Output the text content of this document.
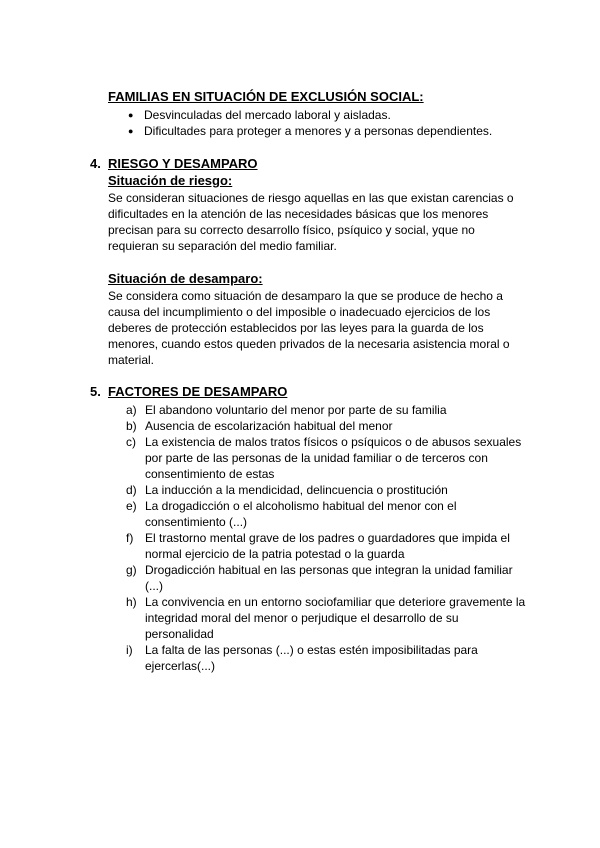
FAMILIAS EN SITUACIÓN DE EXCLUSIÓN SOCIAL:
● Desvinculadas del mercado laboral y aisladas.
● Dificultades para proteger a menores y a personas dependientes.
4. RIESGO Y DESAMPARO
Situación de riesgo:

Se consideran situaciones de riesgo aquellas en las que existan carencias o dificultades en la atención de las necesidades básicas que los menores precisan para su correcto desarrollo físico, psíquico y social, yque no requieran su separación del medio familiar.

Situación de desamparo:

Se considera como situación de desamparo la que se produce de hecho a causa del incumplimiento o del imposible o inadecuado ejercicios de los deberes de protección establecidos por las leyes para la guarda de los menores, cuando estos queden privados de la necesaria asistencia moral o material.

5. FACTORES DE DESAMPARO
a) El abandono voluntario del menor por parte de su familia
b) Ausencia de escolarización habitual del menor
c) La existencia de malos tratos físicos o psíquicos o de abusos sexuales por parte de las personas de la unidad familiar o de terceros con consentimiento de estas
d) La inducción a la mendicidad, delincuencia o prostitución
e) La drogadicción o el alcoholismo habitual del menor con el consentimiento (...)
f) El trastorno mental grave de los padres o guardadores que impida el normal ejercicio de la patria potestad o la guarda
g) Drogadicción habitual en las personas que integran la unidad familiar (...)
h) La convivencia en un entorno sociofamiliar que deteriore gravemente la integridad moral del menor o perjudique el desarrollo de su personalidad
i) La falta de las personas (...) o estas estén imposibilitadas para ejercerlas(...)
